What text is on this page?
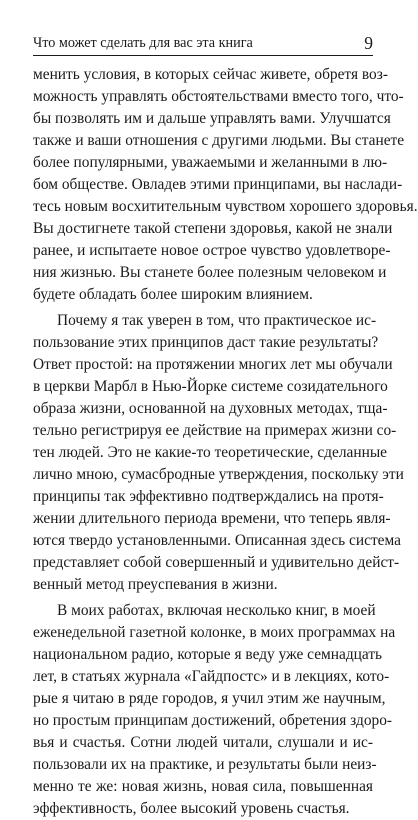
Что может сделать для вас эта книга	9
менить условия, в которых сейчас живете, обретя воз-
можность управлять обстоятельствами вместо того, что-
бы позволять им и дальше управлять вами. Улучшатся
также и ваши отношения с другими людьми. Вы станете
более популярными, уважаемыми и желанными в лю-
бом обществе. Овладев этими принципами, вы наслади-
тесь новым восхитительным чувством хорошего здоровья.
Вы достигнете такой степени здоровья, какой не знали
ранее, и испытаете новое острое чувство удовлетворе-
ния жизнью. Вы станете более полезным человеком и
будете обладать более широким влиянием.
Почему я так уверен в том, что практическое ис-
пользование этих принципов даст такие результаты?
Ответ простой: на протяжении многих лет мы обучали
в церкви Марбл в Нью-Йорке системе созидательного
образа жизни, основанной на духовных методах, тща-
тельно регистрируя ее действие на примерах жизни со-
тен людей. Это не какие-то теоретические, сделанные
лично мною, сумасбродные утверждения, поскольку эти
принципы так эффективно подтверждались на протя-
жении длительного периода времени, что теперь явля-
ются твердо установленными. Описанная здесь система
представляет собой совершенный и удивительно дейст-
венный метод преуспевания в жизни.
В моих работах, включая несколько книг, в моей
еженедельной газетной колонке, в моих программах на
национальном радио, которые я веду уже семнадцать
лет, в статьях журнала «Гайдпостс» и в лекциях, кото-
рые я читаю в ряде городов, я учил этим же научным,
но простым принципам достижений, обретения здоро-
вья и счастья. Сотни людей читали, слушали и ис-
пользовали их на практике, и результаты были неиз-
менно те же: новая жизнь, новая сила, повышенная
эффективность, более высокий уровень счастья.
